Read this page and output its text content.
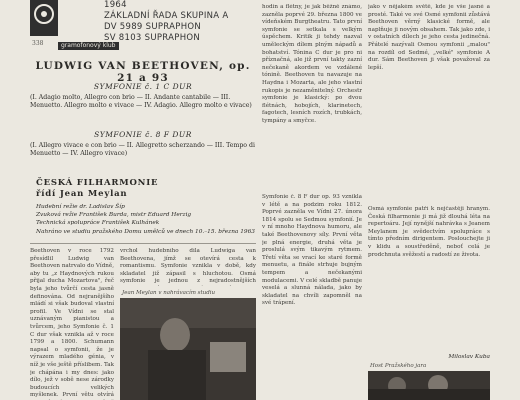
338	gramofonový klub
1964
ZÁKLADNÍ ŘADA SKUPINA A
DV 5989 SUPRAPHON
SV 8103 SUPRAPHON
LUDWIG VAN BEETHOVEN, op. 21 a 93
SYMFONIE č. 1 C DUR
(I. Adagio molto, Allegro con brio — II. Andante cantabile — III. Menuetto. Allegro molto e vivace — IV. Adagio. Allegro molto e vivace)
SYMFONIE č. 8 F DUR
(I. Allegro vivace e con brio — II. Allegretto scherzando — III. Tempo di Menuetto — IV. Allegro vivace)
ČESKÁ FILHARMONIE
řídí Jean Meylan
Hudební režie dr. Ladislav Šíp
Zvuková režie František Burda, mistr Eduard Herzig
Technická spolupráce František Kulhánek
Nahráno ve studiu pražského Domu umělců ve dnech 10.–15. března 1963

Beethoven v roce 1792 přesídlil Ludwig van Beethoven natrvalo do Vídně, aby tu „z Haydnových rukou přijal ducha Mozartova", řeč byla jeho tvůrčí cesta jasně definována. Od nejranějšího mládí si však budoval vlastní profil. Ve Vídni se stal uznávaným pianistou a tvůrcem, jeho Symfonie č. 1 C dur však vznikla až v roce 1799 a 1800. Schumann napsal o symfonii, že je výrazem mladého génia, v níž je vše ještě příslibem. Tak je chápána i my dnes: jako dílo, jež v sobě nese zárodky budoucích velikých myšlenek. První větu otvírá

vrchol hudebního díla Ludwiga van Beethovena, jímž se otevírá cesta k romantismu. Symfonie vznikla v době, kdy skladatel již zápasil s hluchotou. Osmá symfonie je jednou z nejradostnějších

Jean Meylan v nahrávacím studiu

hodin a flétny, je jak běžně známo, zazněla poprvé 29. března 1800 ve vídeňském Burgtheatru. Tato první symfonie se setkala s velkým úspěchem. Kritik ji tehdy nazval uměleckým dílem plným nápadů a bohatství. Tónina C dur je pro ni příznačná, ale již první takty zazní nečekaně akordem ve vzdálené tónině. Beethoven tu navazuje na Haydna i Mozarta, ale jeho vlastní rukopis je nezaměnitelný. Orchestr symfonie je klasický: po dvou flétnách, hobojích, klarinetech, fagotech, lesních rozích, trubkách, tympány a smyčce.

Symfonie č. 8 F dur op. 93 vznikla v létě a na podzim roku 1812. Poprvé zazněla ve Vídni 27. února 1814 spolu se Sedmou symfonií. Je v ní mnoho Haydnova humoru, ale také Beethovenovy síly. První věta je plná energie, druhá věta je proslulá svým tikavým rytmem. Třetí věta se vrací ke staré formě menuetu, a finále strhuje bujným tempem a nečekanými modulacemi. V celé skladbě panuje veselá a slunná nálada, jako by skladatel na chvíli zapomněl na své trápení.

jako v nějakém světě, kde je vše jasné a prosté. Také ve své Osmé symfonii zůstává Beethoven věrný klasické formě, ale naplňuje ji novým obsahem. Tak jako zde, i v ostatních dílech je jeho cesta jedinečná. Přátelé nazývali Osmou symfonii „malou" na rozdíl od Sedmé, „velké" symfonie A dur. Sám Beethoven ji však považoval za lepší.

Osmá symfonie patří k nejčastěji hraným. Česká filharmonie ji má již dlouhá léta na repertoáru. Její nynější nahrávka s Jeanem Meylanem je svědectvím spolupráce s tímto předním dirigentem. Poslouchejte ji v klidu a soustředěně, neboť celá je prodchnuta svěžestí a radostí ze života.

Miloslav Kuba
Host Pražského jara
